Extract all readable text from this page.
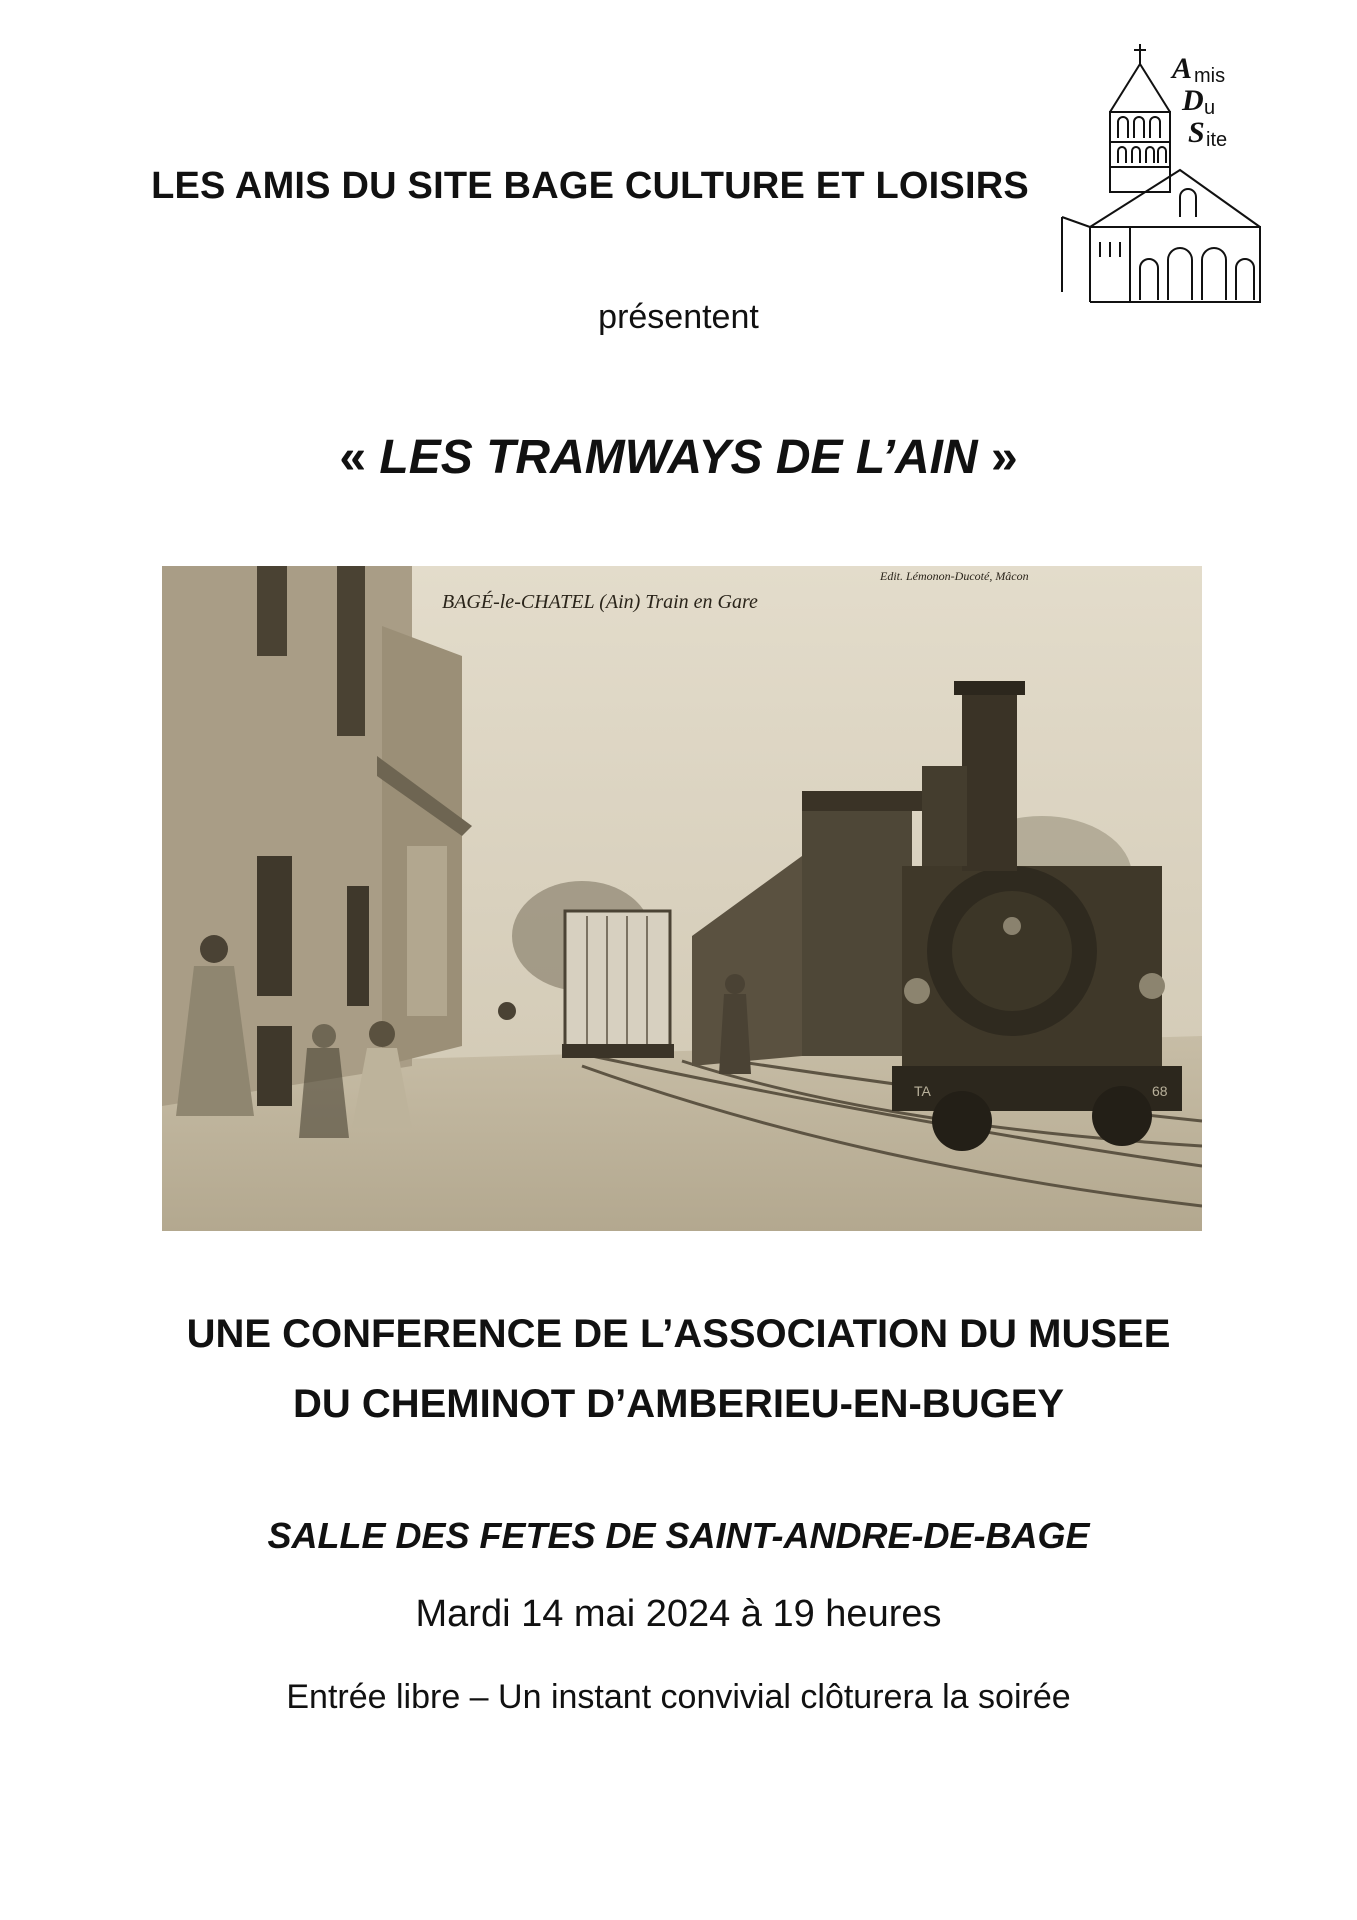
LES AMIS DU SITE BAGE CULTURE ET LOISIRS
A mis
D u
S ite
présentent
« LES TRAMWAYS DE L’AIN »
TA	68
BAGÉ-le-CHATEL (Ain) Train en Gare
Edit. Lémonon-Ducoté, Mâcon
UNE CONFERENCE DE L’ASSOCIATION DU MUSEE
DU CHEMINOT D’AMBERIEU-EN-BUGEY
SALLE DES FETES DE SAINT-ANDRE-DE-BAGE
Mardi 14 mai 2024 à 19 heures
Entrée libre – Un instant convivial clôturera la soirée
